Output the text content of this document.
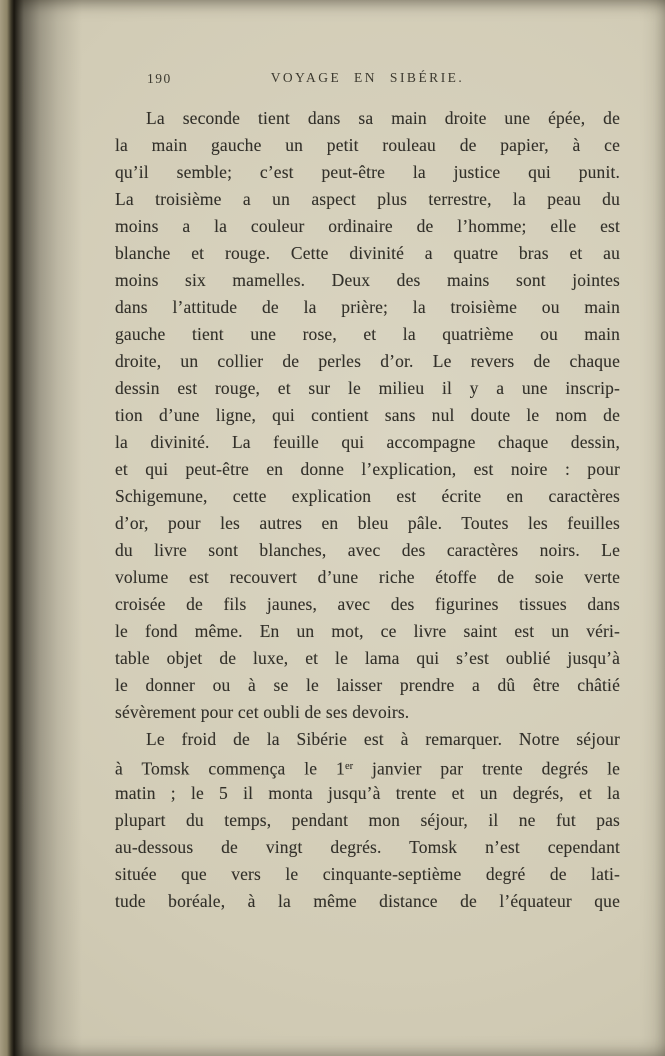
190	VOYAGE EN SIBÉRIE.
La seconde tient dans sa main droite une épée, de
la main gauche un petit rouleau de papier, à ce
qu’il semble; c’est peut-être la justice qui punit.
La troisième a un aspect plus terrestre, la peau du
moins a la couleur ordinaire de l’homme; elle est
blanche et rouge. Cette divinité a quatre bras et au
moins six mamelles. Deux des mains sont jointes
dans l’attitude de la prière; la troisième ou main
gauche tient une rose, et la quatrième ou main
droite, un collier de perles d’or. Le revers de chaque
dessin est rouge, et sur le milieu il y a une inscrip-
tion d’une ligne, qui contient sans nul doute le nom de
la divinité. La feuille qui accompagne chaque dessin,
et qui peut-être en donne l’explication, est noire : pour
Schigemune, cette explication est écrite en caractères
d’or, pour les autres en bleu pâle. Toutes les feuilles
du livre sont blanches, avec des caractères noirs. Le
volume est recouvert d’une riche étoffe de soie verte
croisée de fils jaunes, avec des figurines tissues dans
le fond même. En un mot, ce livre saint est un véri-
table objet de luxe, et le lama qui s’est oublié jusqu’à
le donner ou à se le laisser prendre a dû être châtié
sévèrement pour cet oubli de ses devoirs.
Le froid de la Sibérie est à remarquer. Notre séjour
à Tomsk commença le 1er janvier par trente degrés le
matin ; le 5 il monta jusqu’à trente et un degrés, et la
plupart du temps, pendant mon séjour, il ne fut pas
au-dessous de vingt degrés. Tomsk n’est cependant
située que vers le cinquante-septième degré de lati-
tude boréale, à la même distance de l’équateur que
